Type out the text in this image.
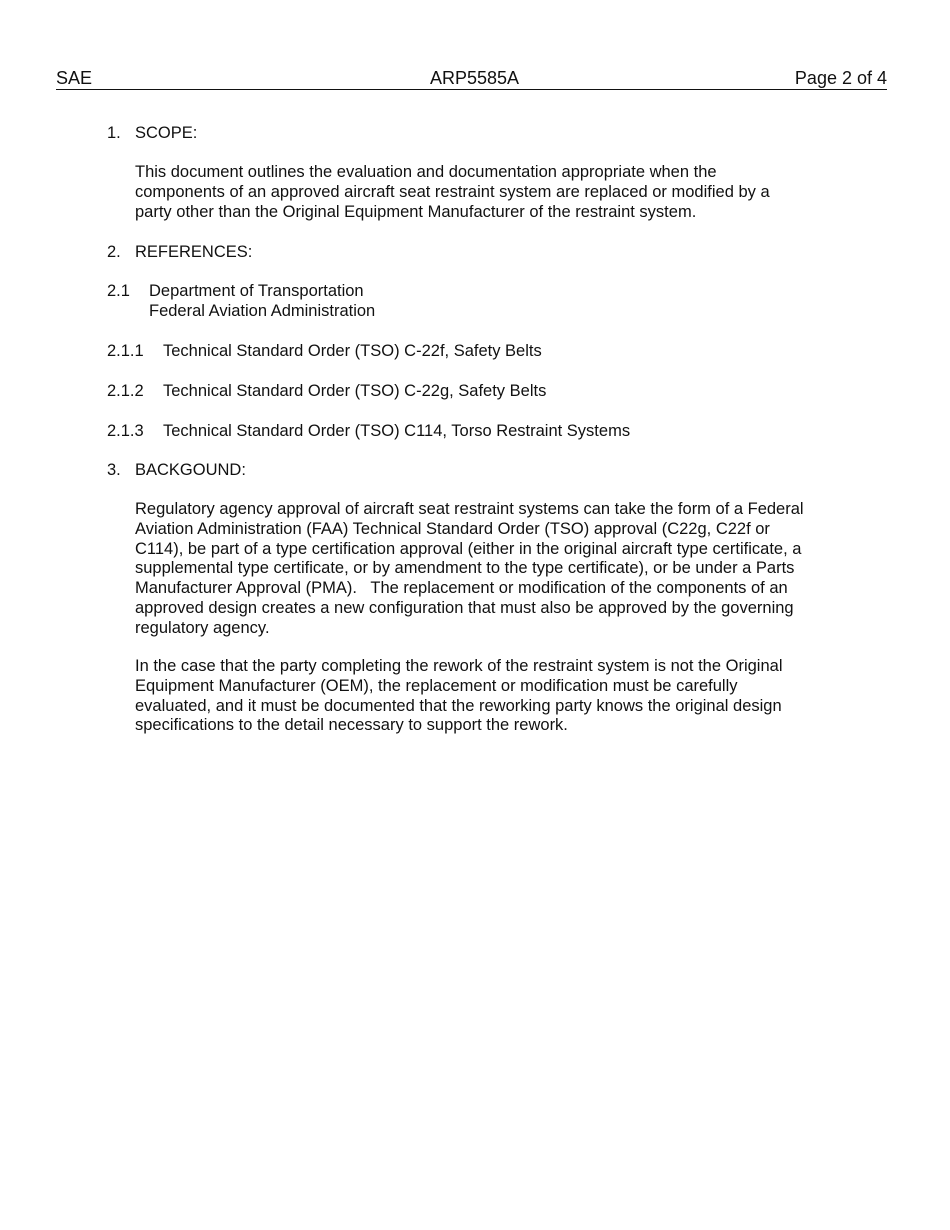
SAE	ARP5585A	Page 2 of 4
1. SCOPE:
This document outlines the evaluation and documentation appropriate when the
components of an approved aircraft seat restraint system are replaced or modified by a
party other than the Original Equipment Manufacturer of the restraint system.
2. REFERENCES:
2.1 Department of Transportation
Federal Aviation Administration
2.1.1 Technical Standard Order (TSO) C-22f, Safety Belts
2.1.2 Technical Standard Order (TSO) C-22g, Safety Belts
2.1.3 Technical Standard Order (TSO) C114, Torso Restraint Systems
3. BACKGOUND:
Regulatory agency approval of aircraft seat restraint systems can take the form of a Federal
Aviation Administration (FAA) Technical Standard Order (TSO) approval (C22g, C22f or
C114), be part of a type certification approval (either in the original aircraft type certificate, a
supplemental type certificate, or by amendment to the type certificate), or be under a Parts
Manufacturer Approval (PMA).   The replacement or modification of the components of an
approved design creates a new configuration that must also be approved by the governing
regulatory agency.
In the case that the party completing the rework of the restraint system is not the Original
Equipment Manufacturer (OEM), the replacement or modification must be carefully
evaluated, and it must be documented that the reworking party knows the original design
specifications to the detail necessary to support the rework.
